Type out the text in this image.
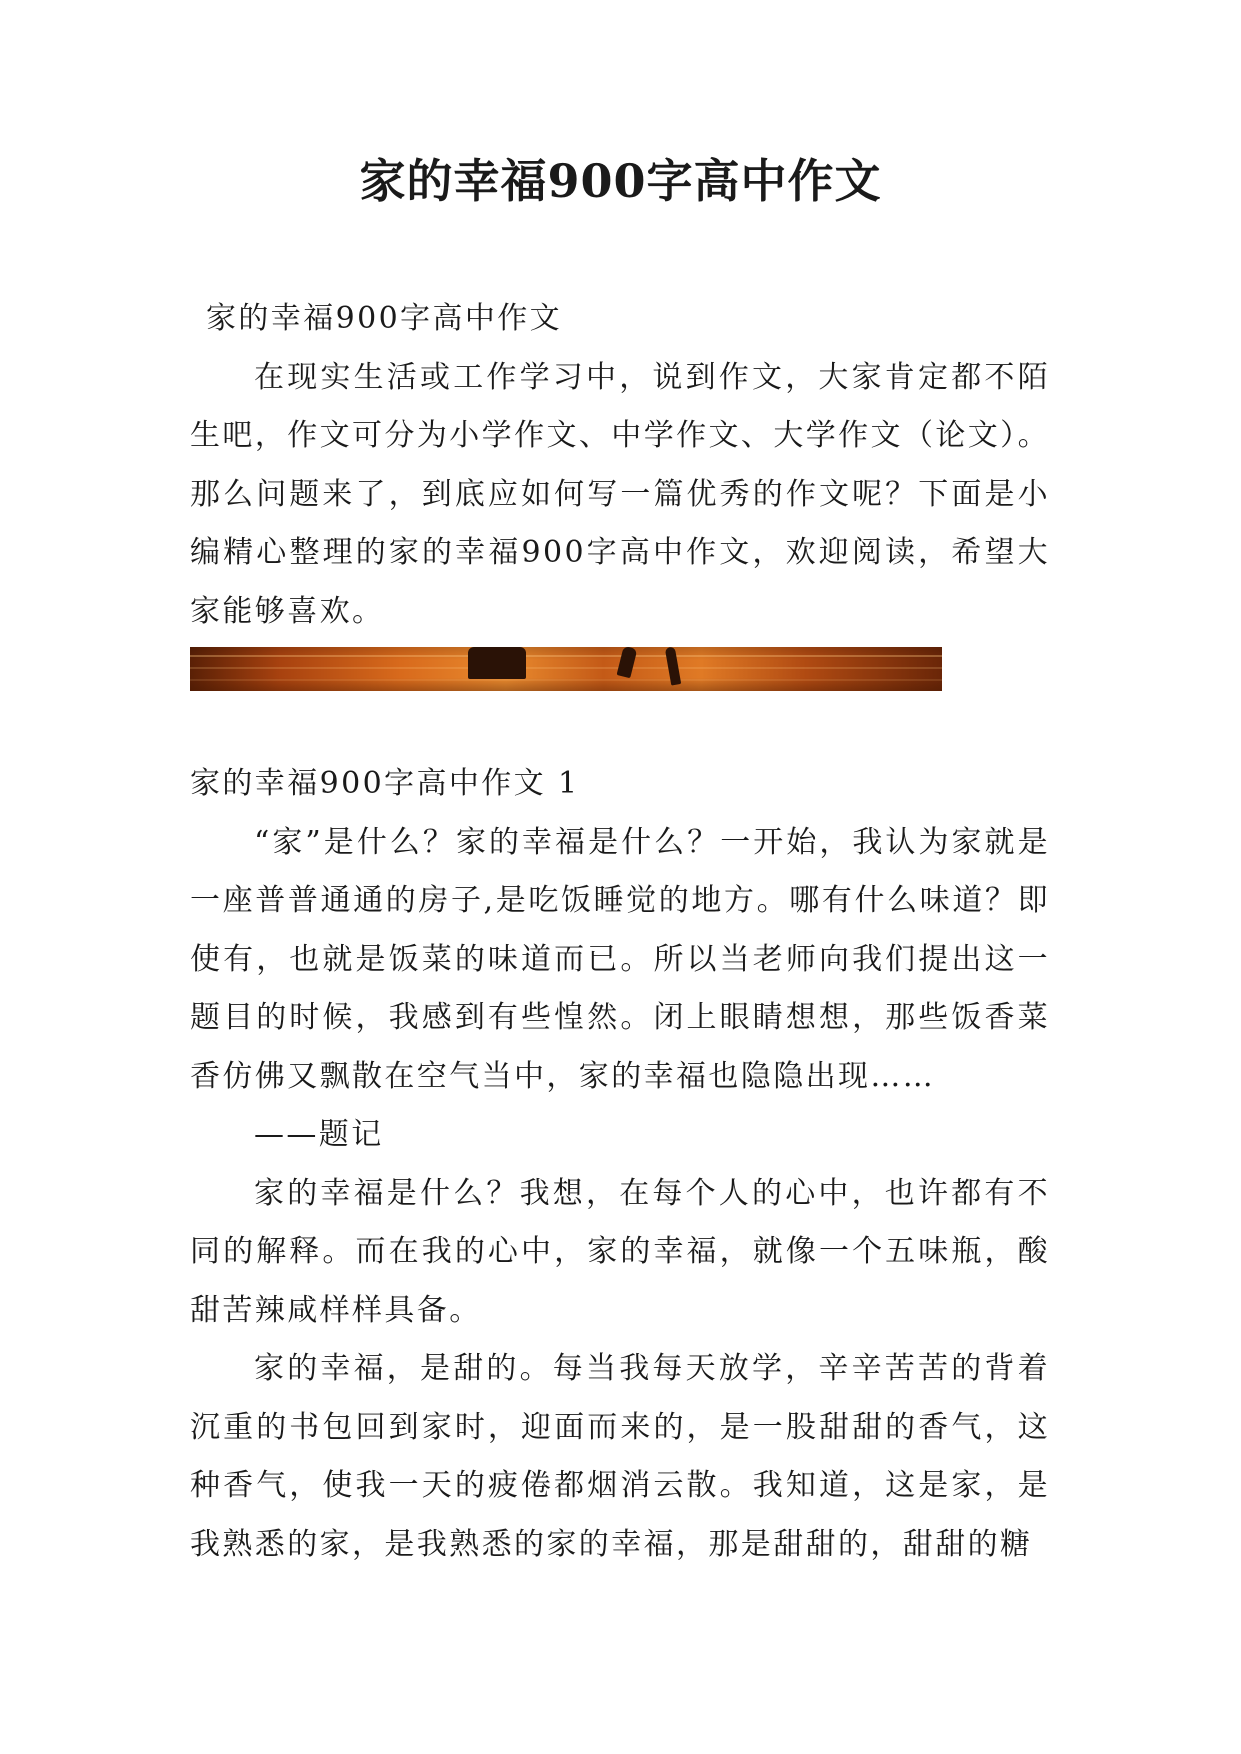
家的幸福900字高中作文

家的幸福900字高中作文

在现实生活或工作学习中，说到作文，大家肯定都不陌生吧，作文可分为小学作文、中学作文、大学作文（论文）。那么问题来了，到底应如何写一篇优秀的作文呢？下面是小编精心整理的家的幸福900字高中作文，欢迎阅读，希望大家能够喜欢。

家的幸福900字高中作文 1

“家”是什么？家的幸福是什么？一开始，我认为家就是一座普普通通的房子,是吃饭睡觉的地方。哪有什么味道？即使有，也就是饭菜的味道而已。所以当老师向我们提出这一题目的时候，我感到有些惶然。闭上眼睛想想，那些饭香菜香仿佛又飘散在空气当中，家的幸福也隐隐出现……

——题记

家的幸福是什么？我想，在每个人的心中，也许都有不同的解释。而在我的心中，家的幸福，就像一个五味瓶，酸甜苦辣咸样样具备。

家的幸福，是甜的。每当我每天放学，辛辛苦苦的背着沉重的书包回到家时，迎面而来的，是一股甜甜的香气，这种香气，使我一天的疲倦都烟消云散。我知道，这是家，是我熟悉的家，是我熟悉的家的幸福，那是甜甜的，甜甜的糖
